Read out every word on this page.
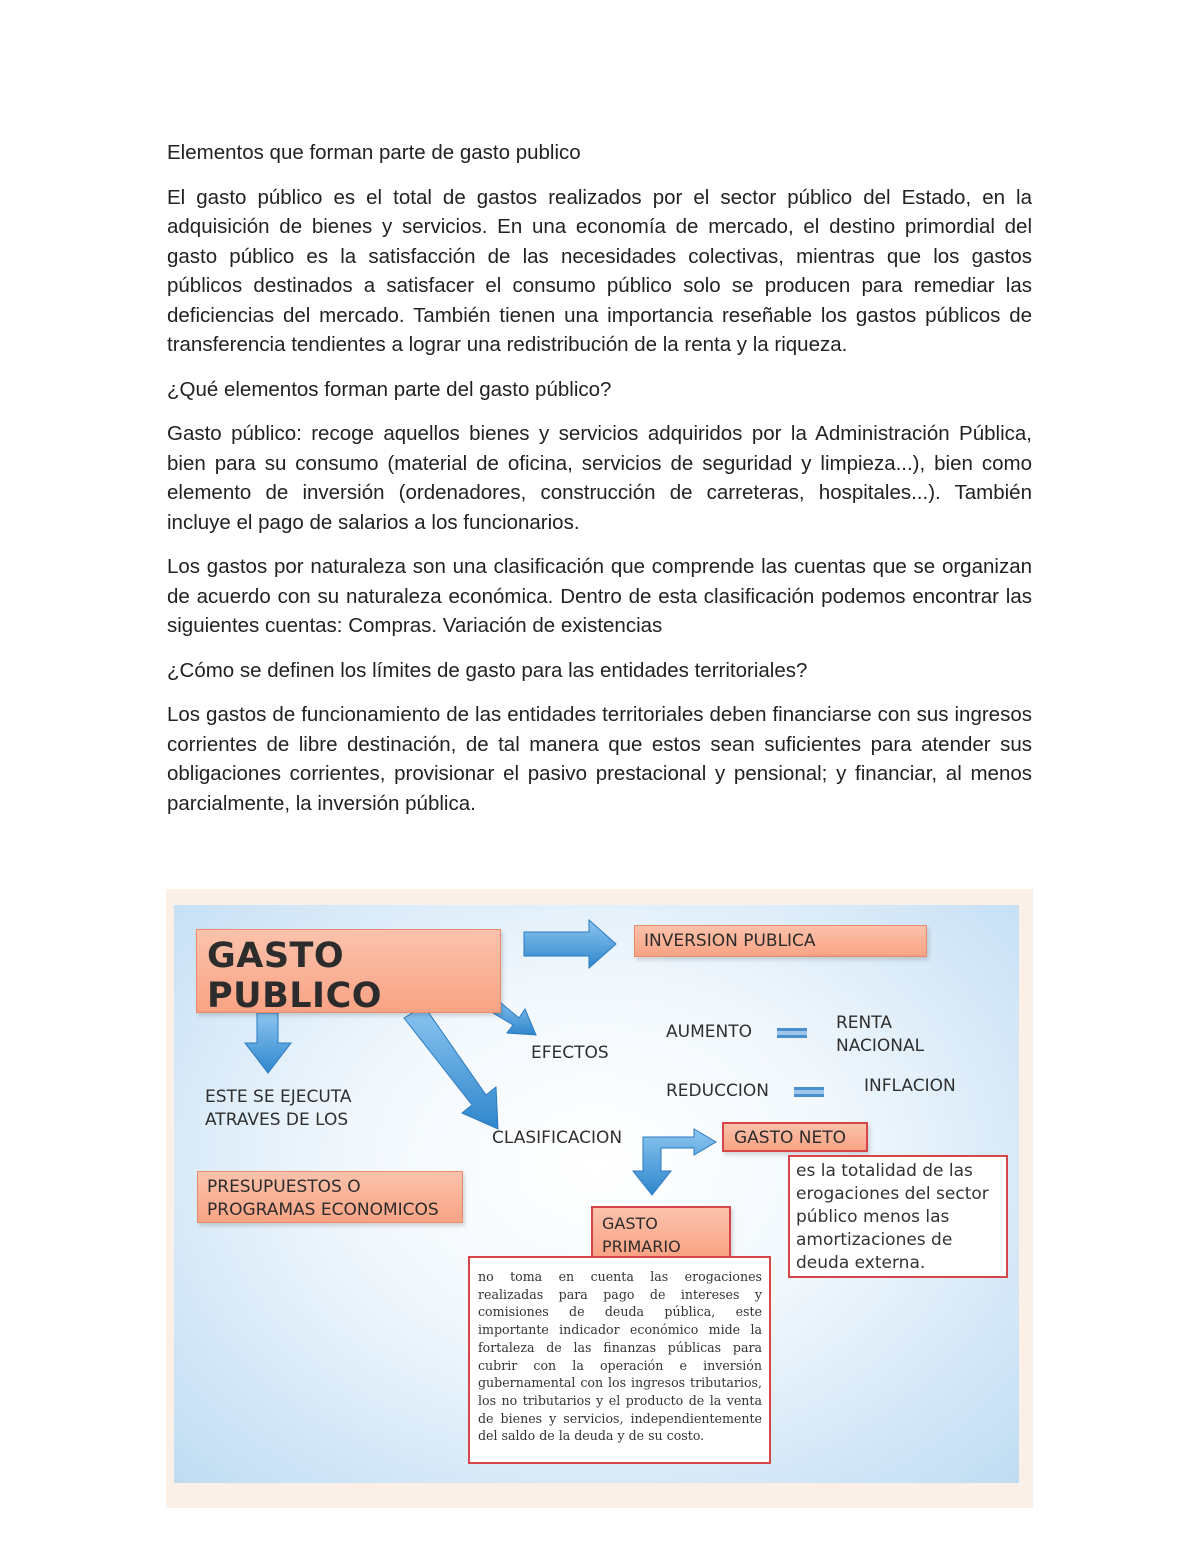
Elementos que forman parte de gasto publico

El gasto público es el total de gastos realizados por el sector público del Estado, en la adquisición de bienes y servicios. En una economía de mercado, el destino primordial del gasto público es la satisfacción de las necesidades colectivas, mientras que los gastos públicos destinados a satisfacer el consumo público solo se producen para remediar las deficiencias del mercado. También tienen una importancia reseñable los gastos públicos de transferencia tendientes a lograr una redistribución de la renta y la riqueza.

¿Qué elementos forman parte del gasto público?

Gasto público: recoge aquellos bienes y servicios adquiridos por la Administración Pública, bien para su consumo (material de oficina, servicios de seguridad y limpieza...), bien como elemento de inversión (ordenadores, construcción de carreteras, hospitales...). También incluye el pago de salarios a los funcionarios.

Los gastos por naturaleza son una clasificación que comprende las cuentas que se organizan de acuerdo con su naturaleza económica. Dentro de esta clasificación podemos encontrar las siguientes cuentas: Compras. Variación de existencias

¿Cómo se definen los límites de gasto para las entidades territoriales?

Los gastos de funcionamiento de las entidades territoriales deben financiarse con sus ingresos corrientes de libre destinación, de tal manera que estos sean suficientes para atender sus obligaciones corrientes, provisionar el pasivo prestacional y pensional; y financiar, al menos parcialmente, la inversión pública.

GASTO PUBLICO
INVERSION PUBLICA
EFECTOS
AUMENTO	RENTA NACIONAL
REDUCCION	INFLACION
ESTE SE EJECUTA ATRAVES DE LOS
PRESUPUESTOS O PROGRAMAS ECONOMICOS
CLASIFICACION	GASTO NETO
es la totalidad de las erogaciones del sector público menos las amortizaciones de deuda externa.
GASTO PRIMARIO
no toma en cuenta las erogaciones realizadas para pago de intereses y comisiones de deuda pública, este importante indicador económico mide la fortaleza de las finanzas públicas para cubrir con la operación e inversión gubernamental con los ingresos tributarios, los no tributarios y el producto de la venta de bienes y servicios, independientemente del saldo de la deuda y de su costo.
